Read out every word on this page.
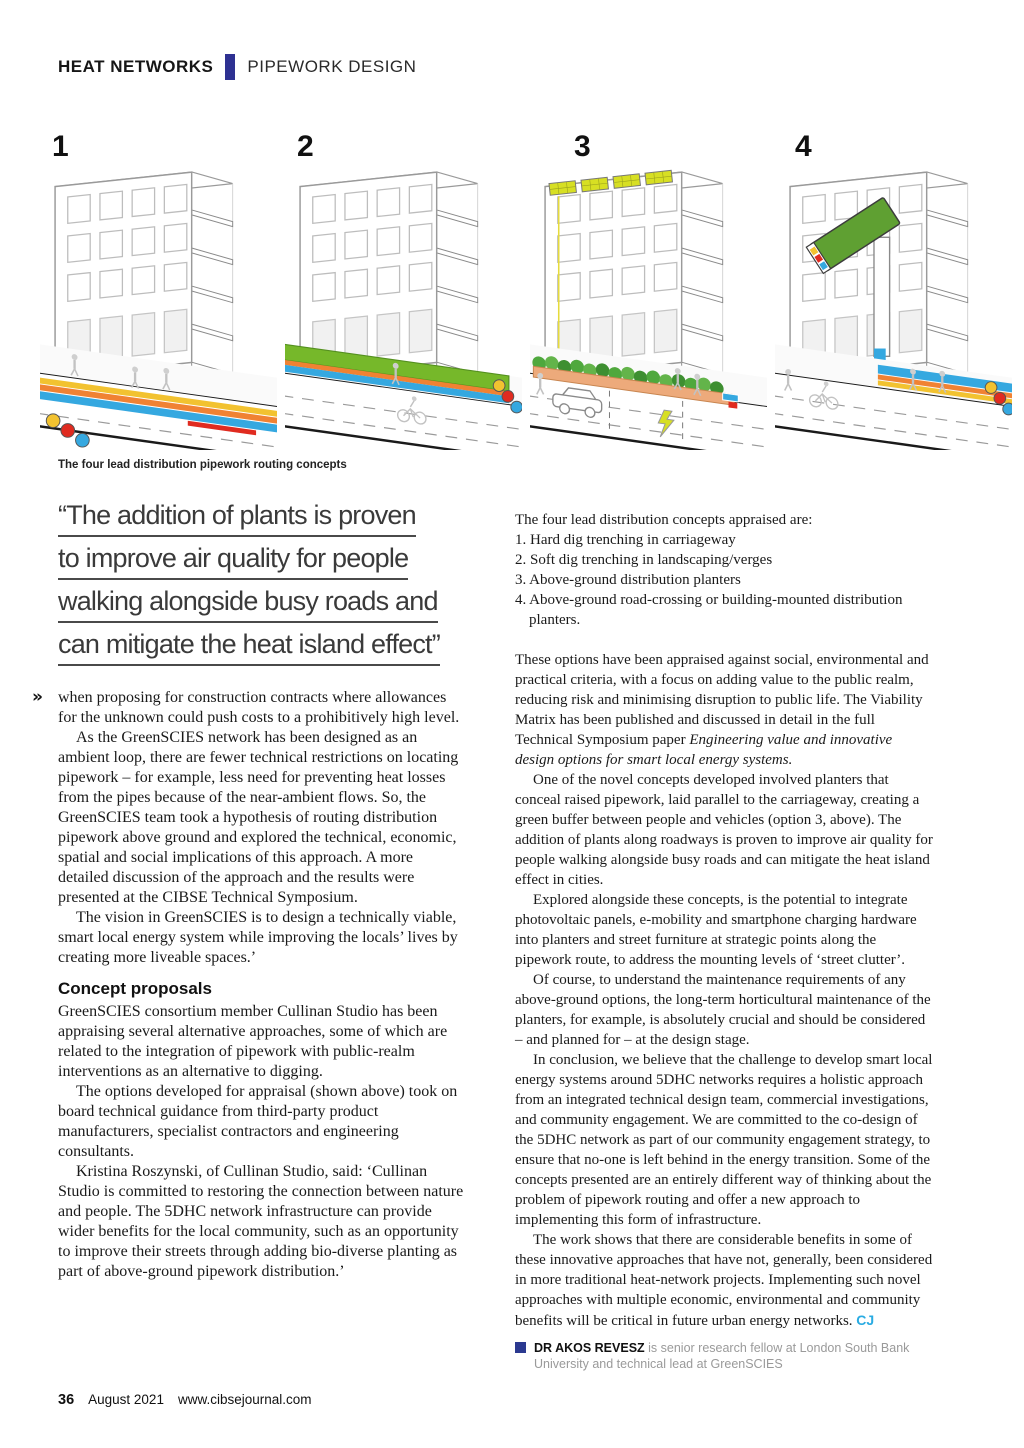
HEAT NETWORKS PIPEWORK DESIGN
1	2	3	4
The four lead distribution pipework routing concepts
“The addition of plants is proven
to improve air quality for people
walking alongside busy roads and
can mitigate the heat island effect”

» when proposing for construction contracts where allowances for the unknown could push costs to a prohibitively high level.

As the GreenSCIES network has been designed as an ambient loop, there are fewer technical restrictions on locating pipework – for example, less need for preventing heat losses from the pipes because of the near-ambient flows. So, the GreenSCIES team took a hypothesis of routing distribution pipework above ground and explored the technical, economic, spatial and social implications of this approach. A more detailed discussion of the approach and the results were presented at the CIBSE Technical Symposium.

The vision in GreenSCIES is to design a technically viable, smart local energy system while improving the locals’ lives by creating more liveable spaces.’

Concept proposals

GreenSCIES consortium member Cullinan Studio has been appraising several alternative approaches, some of which are related to the integration of pipework with public-realm interventions as an alternative to digging.

The options developed for appraisal (shown above) took on board technical guidance from third-party product manufacturers, specialist contractors and engineering consultants.

Kristina Roszynski, of Cullinan Studio, said: ‘Cullinan Studio is committed to restoring the connection between nature and people. The 5DHC network infrastructure can provide wider benefits for the local community, such as an opportunity to improve their streets through adding bio-diverse planting as part of above-ground pipework distribution.’

The four lead distribution concepts appraised are:
1. Hard dig trenching in carriageway
2. Soft dig trenching in landscaping/verges
3. Above-ground distribution planters
4. Above-ground road-crossing or building-mounted distribution planters.

These options have been appraised against social, environmental and practical criteria, with a focus on adding value to the public realm, reducing risk and minimising disruption to public life. The Viability Matrix has been published and discussed in detail in the full Technical Symposium paper Engineering value and innovative design options for smart local energy systems.

One of the novel concepts developed involved planters that conceal raised pipework, laid parallel to the carriageway, creating a green buffer between people and vehicles (option 3, above). The addition of plants along roadways is proven to improve air quality for people walking alongside busy roads and can mitigate the heat island effect in cities.

Explored alongside these concepts, is the potential to integrate photovoltaic panels, e-mobility and smartphone charging hardware into planters and street furniture at strategic points along the pipework route, to address the mounting levels of ‘street clutter’.

Of course, to understand the maintenance requirements of any above-ground options, the long-term horticultural maintenance of the planters, for example, is absolutely crucial and should be considered – and planned for – at the design stage.

In conclusion, we believe that the challenge to develop smart local energy systems around 5DHC networks requires a holistic approach from an integrated technical design team, commercial investigations, and community engagement. We are committed to the co-design of the 5DHC network as part of our community engagement strategy, to ensure that no-one is left behind in the energy transition. Some of the concepts presented are an entirely different way of thinking about the problem of pipework routing and offer a new approach to implementing this form of infrastructure.

The work shows that there are considerable benefits in some of these innovative approaches that have not, generally, been considered in more traditional heat-network projects. Implementing such novel approaches with multiple economic, environmental and community benefits will be critical in future urban energy networks. CJ

DR AKOS REVESZ is senior research fellow at London South Bank University and technical lead at GreenSCIES
36 August 2021 www.cibsejournal.com
